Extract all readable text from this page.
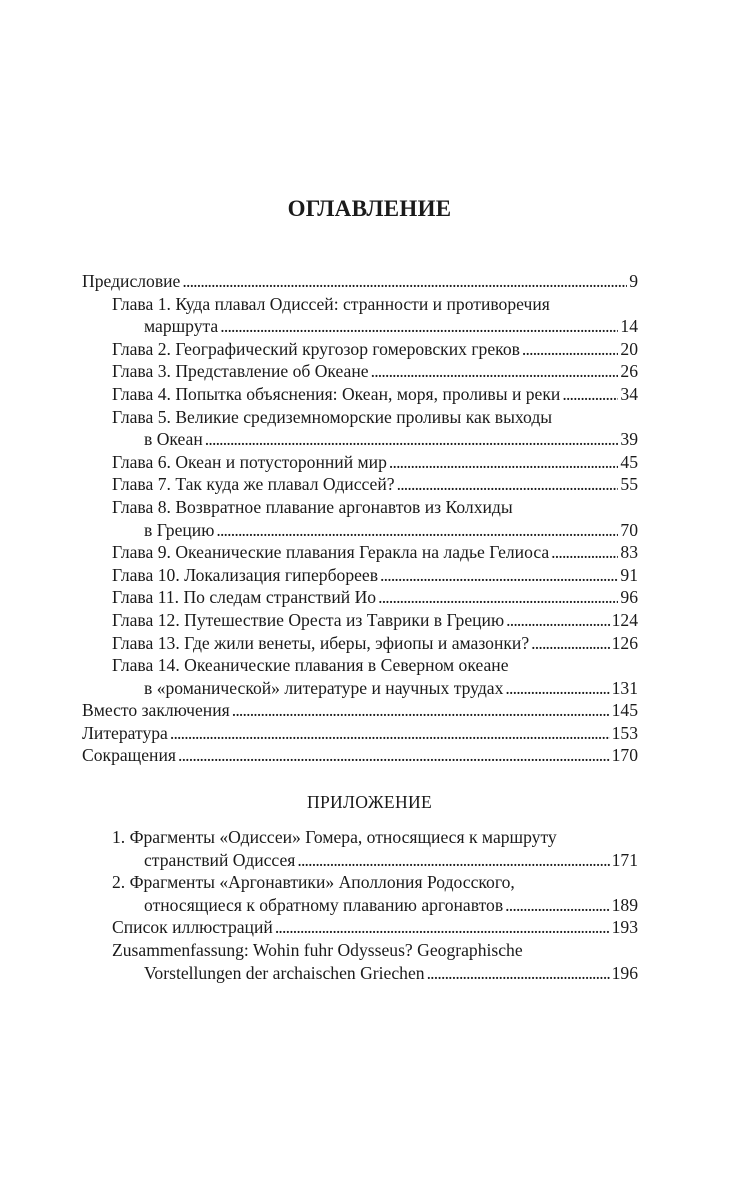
ОГЛАВЛЕНИЕ
Предисловие . . .	9
Глава 1. Куда плавал Одиссей: странности и противоречия
маршрута . . .	14
Глава 2. Географический кругозор гомеровских греков . . .	20
Глава 3. Представление об Океане . . .	26
Глава 4. Попытка объяснения: Океан, моря, проливы и реки . . .	34
Глава 5. Великие средиземноморские проливы как выходы
в Океан . . .	39
Глава 6. Океан и потусторонний мир . . .	45
Глава 7. Так куда же плавал Одиссей? . . .	55
Глава 8. Возвратное плавание аргонавтов из Колхиды
в Грецию . . .	70
Глава 9. Океанические плавания Геракла на ладье Гелиоса . . .	83
Глава 10. Локализация гипербореев . . .	91
Глава 11. По следам странствий Ио . . .	96
Глава 12. Путешествие Ореста из Таврики в Грецию . . .	124
Глава 13. Где жили венеты, иберы, эфиопы и амазонки? . . .	126
Глава 14. Океанические плавания в Северном океане
в «романической» литературе и научных трудах . . .	131
Вместо заключения . . .	145
Литература . . .	153
Сокращения . . .	170
ПРИЛОЖЕНИЕ
1. Фрагменты «Одиссеи» Гомера, относящиеся к маршруту
странствий Одиссея . . .	171
2. Фрагменты «Аргонавтики» Аполлония Родосского,
относящиеся к обратному плаванию аргонавтов . . .	189
Список иллюстраций . . .	193
Zusammenfassung: Wohin fuhr Odysseus? Geographische
Vorstellungen der archaischen Griechen . . .	196
